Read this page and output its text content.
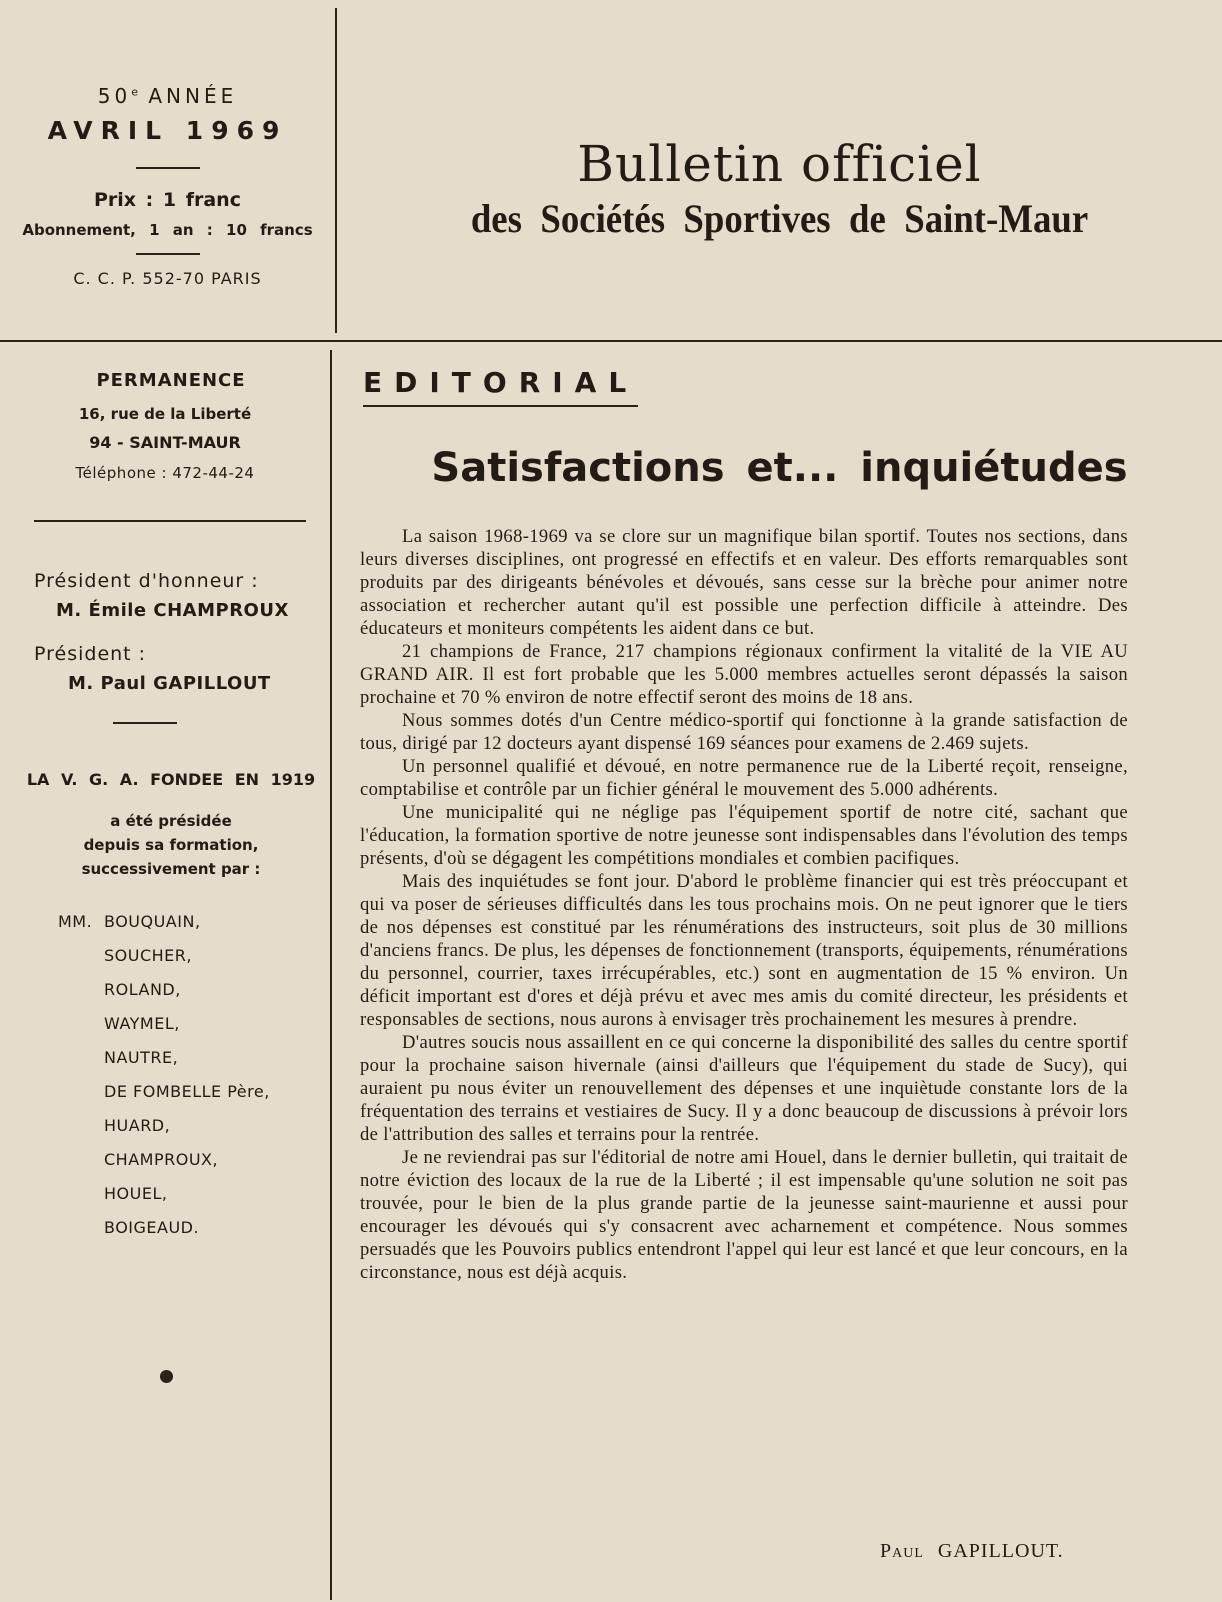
50e ANNÉE
AVRIL 1969
Prix : 1 franc
Abonnement, 1 an : 10 francs
C. C. P. 552-70 PARIS
Bulletin officiel
des Sociétés Sportives de Saint-Maur
PERMANENCE
16, rue de la Liberté
94 - SAINT-MAUR
Téléphone : 472-44-24
Président d'honneur :
M. Émile CHAMPROUX
Président :
M. Paul GAPILLOUT
LA V. G. A. FONDEE EN 1919
a été présidée
depuis sa formation,
successivement par :
MM. BOUQUAIN,
SOUCHER,
ROLAND,
WAYMEL,
NAUTRE,
DE FOMBELLE Père,
HUARD,
CHAMPROUX,
HOUEL,
BOIGEAUD.
EDITORIAL
Satisfactions et... inquiétudes

La saison 1968-1969 va se clore sur un magnifique bilan sportif. Toutes nos sections, dans leurs diverses disciplines, ont progressé en effectifs et en valeur. Des efforts remarquables sont produits par des dirigeants bénévoles et dévoués, sans cesse sur la brèche pour animer notre association et rechercher autant qu'il est possible une perfection difficile à atteindre. Des éducateurs et moniteurs compétents les aident dans ce but.

21 champions de France, 217 champions régionaux confirment la vitalité de la VIE AU GRAND AIR. Il est fort probable que les 5.000 membres actuelles seront dépassés la saison prochaine et 70 % environ de notre effectif seront des moins de 18 ans.

Nous sommes dotés d'un Centre médico-sportif qui fonctionne à la grande satisfaction de tous, dirigé par 12 docteurs ayant dispensé 169 séances pour examens de 2.469 sujets.

Un personnel qualifié et dévoué, en notre permanence rue de la Liberté reçoit, renseigne, comptabilise et contrôle par un fichier général le mouvement des 5.000 adhérents.

Une municipalité qui ne néglige pas l'équipement sportif de notre cité, sachant que l'éducation, la formation sportive de notre jeunesse sont indispensables dans l'évolution des temps présents, d'où se dégagent les compétitions mondiales et combien pacifiques.

Mais des inquiétudes se font jour. D'abord le problème financier qui est très préoccupant et qui va poser de sérieuses difficultés dans les tous prochains mois. On ne peut ignorer que le tiers de nos dépenses est constitué par les rénumérations des instructeurs, soit plus de 30 millions d'anciens francs. De plus, les dépenses de fonctionnement (transports, équipements, rénumérations du personnel, courrier, taxes irrécupérables, etc.) sont en augmentation de 15 % environ. Un déficit important est d'ores et déjà prévu et avec mes amis du comité directeur, les présidents et responsables de sections, nous aurons à envisager très prochainement les mesures à prendre.

D'autres soucis nous assaillent en ce qui concerne la disponibilité des salles du centre sportif pour la prochaine saison hivernale (ainsi d'ailleurs que l'équipement du stade de Sucy), qui auraient pu nous éviter un renouvellement des dépenses et une inquiètude constante lors de la fréquentation des terrains et vestiaires de Sucy. Il y a donc beaucoup de discussions à prévoir lors de l'attribution des salles et terrains pour la rentrée.

Je ne reviendrai pas sur l'éditorial de notre ami Houel, dans le dernier bulletin, qui traitait de notre éviction des locaux de la rue de la Liberté ; il est impensable qu'une solution ne soit pas trouvée, pour le bien de la plus grande partie de la jeunesse saint-maurienne et aussi pour encourager les dévoués qui s'y consacrent avec acharnement et compétence. Nous sommes persuadés que les Pouvoirs publics entendront l'appel qui leur est lancé et que leur concours, en la circonstance, nous est déjà acquis.

Paul GAPILLOUT.
